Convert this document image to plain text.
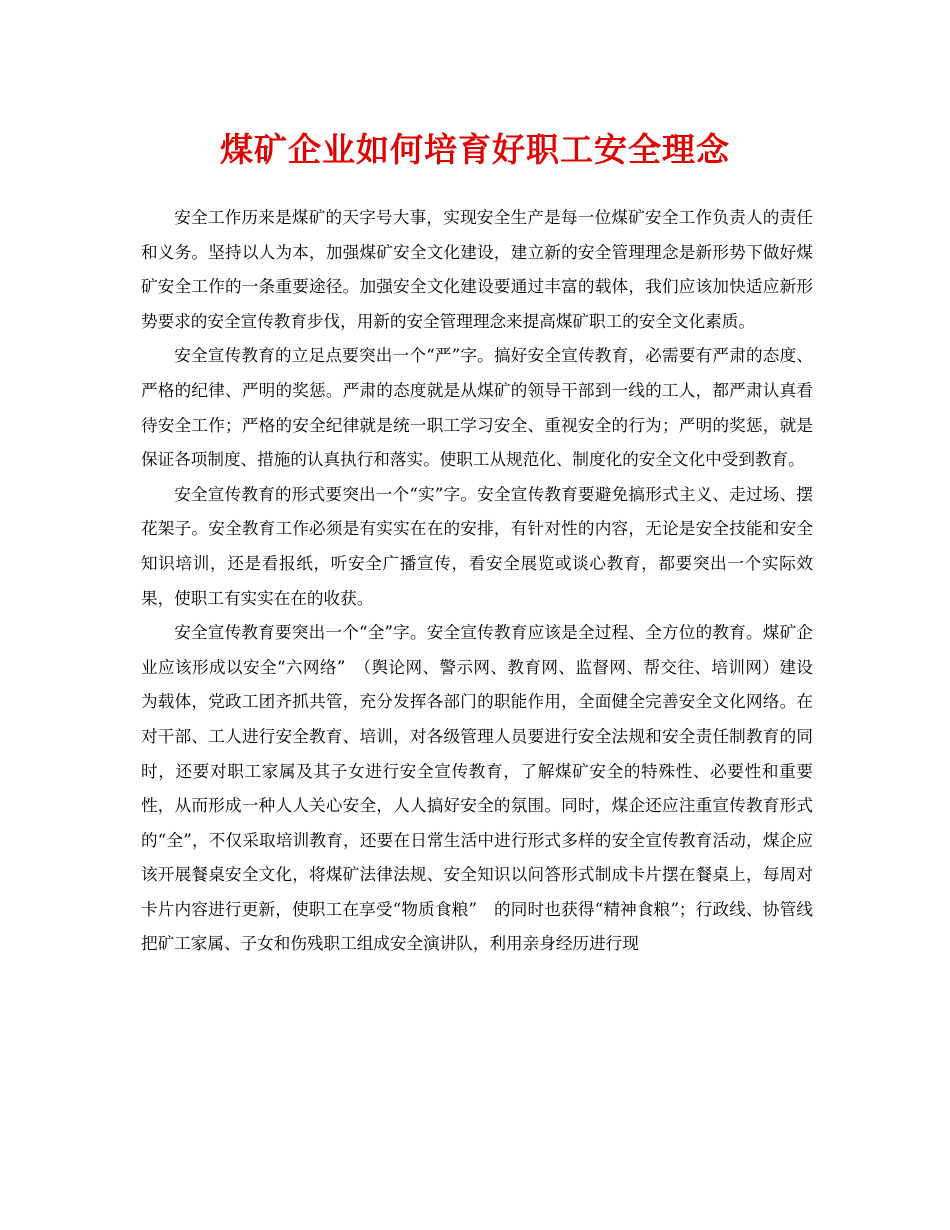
煤矿企业如何培育好职工安全理念

安全工作历来是煤矿的天字号大事，实现安全生产是每一位煤矿安全工作负责人的责任和义务。坚持以人为本，加强煤矿安全文化建设，建立新的安全管理理念是新形势下做好煤矿安全工作的一条重要途径。加强安全文化建设要通过丰富的载体，我们应该加快适应新形势要求的安全宣传教育步伐，用新的安全管理理念来提高煤矿职工的安全文化素质。

安全宣传教育的立足点要突出一个“严”字。搞好安全宣传教育，必需要有严肃的态度、严格的纪律、严明的奖惩。严肃的态度就是从煤矿的领导干部到一线的工人，都严肃认真看待安全工作；严格的安全纪律就是统一职工学习安全、重视安全的行为；严明的奖惩，就是保证各项制度、措施的认真执行和落实。使职工从规范化、制度化的安全文化中受到教育。

安全宣传教育的形式要突出一个“实”字。安全宣传教育要避免搞形式主义、走过场、摆花架子。安全教育工作必须是有实实在在的安排，有针对性的内容，无论是安全技能和安全知识培训，还是看报纸，听安全广播宣传，看安全展览或谈心教育，都要突出一个实际效果，使职工有实实在在的收获。

安全宣传教育要突出一个“全”字。安全宣传教育应该是全过程、全方位的教育。煤矿企业应该形成以安全“六网络”　（舆论网、警示网、教育网、监督网、帮交往、培训网）建设为载体，党政工团齐抓共管，充分发挥各部门的职能作用，全面健全完善安全文化网络。在对干部、工人进行安全教育、培训，对各级管理人员要进行安全法规和安全责任制教育的同时，还要对职工家属及其子女进行安全宣传教育，了解煤矿安全的特殊性、必要性和重要性，从而形成一种人人关心安全，人人搞好安全的氛围。同时，煤企还应注重宣传教育形式的“全”，不仅采取培训教育，还要在日常生活中进行形式多样的安全宣传教育活动，煤企应该开展餐桌安全文化，将煤矿法律法规、安全知识以问答形式制成卡片摆在餐桌上，每周对卡片内容进行更新，使职工在享受“物质食粮”　的同时也获得“精神食粮”；行政线、协管线把矿工家属、子女和伤残职工组成安全演讲队，利用亲身经历进行现
